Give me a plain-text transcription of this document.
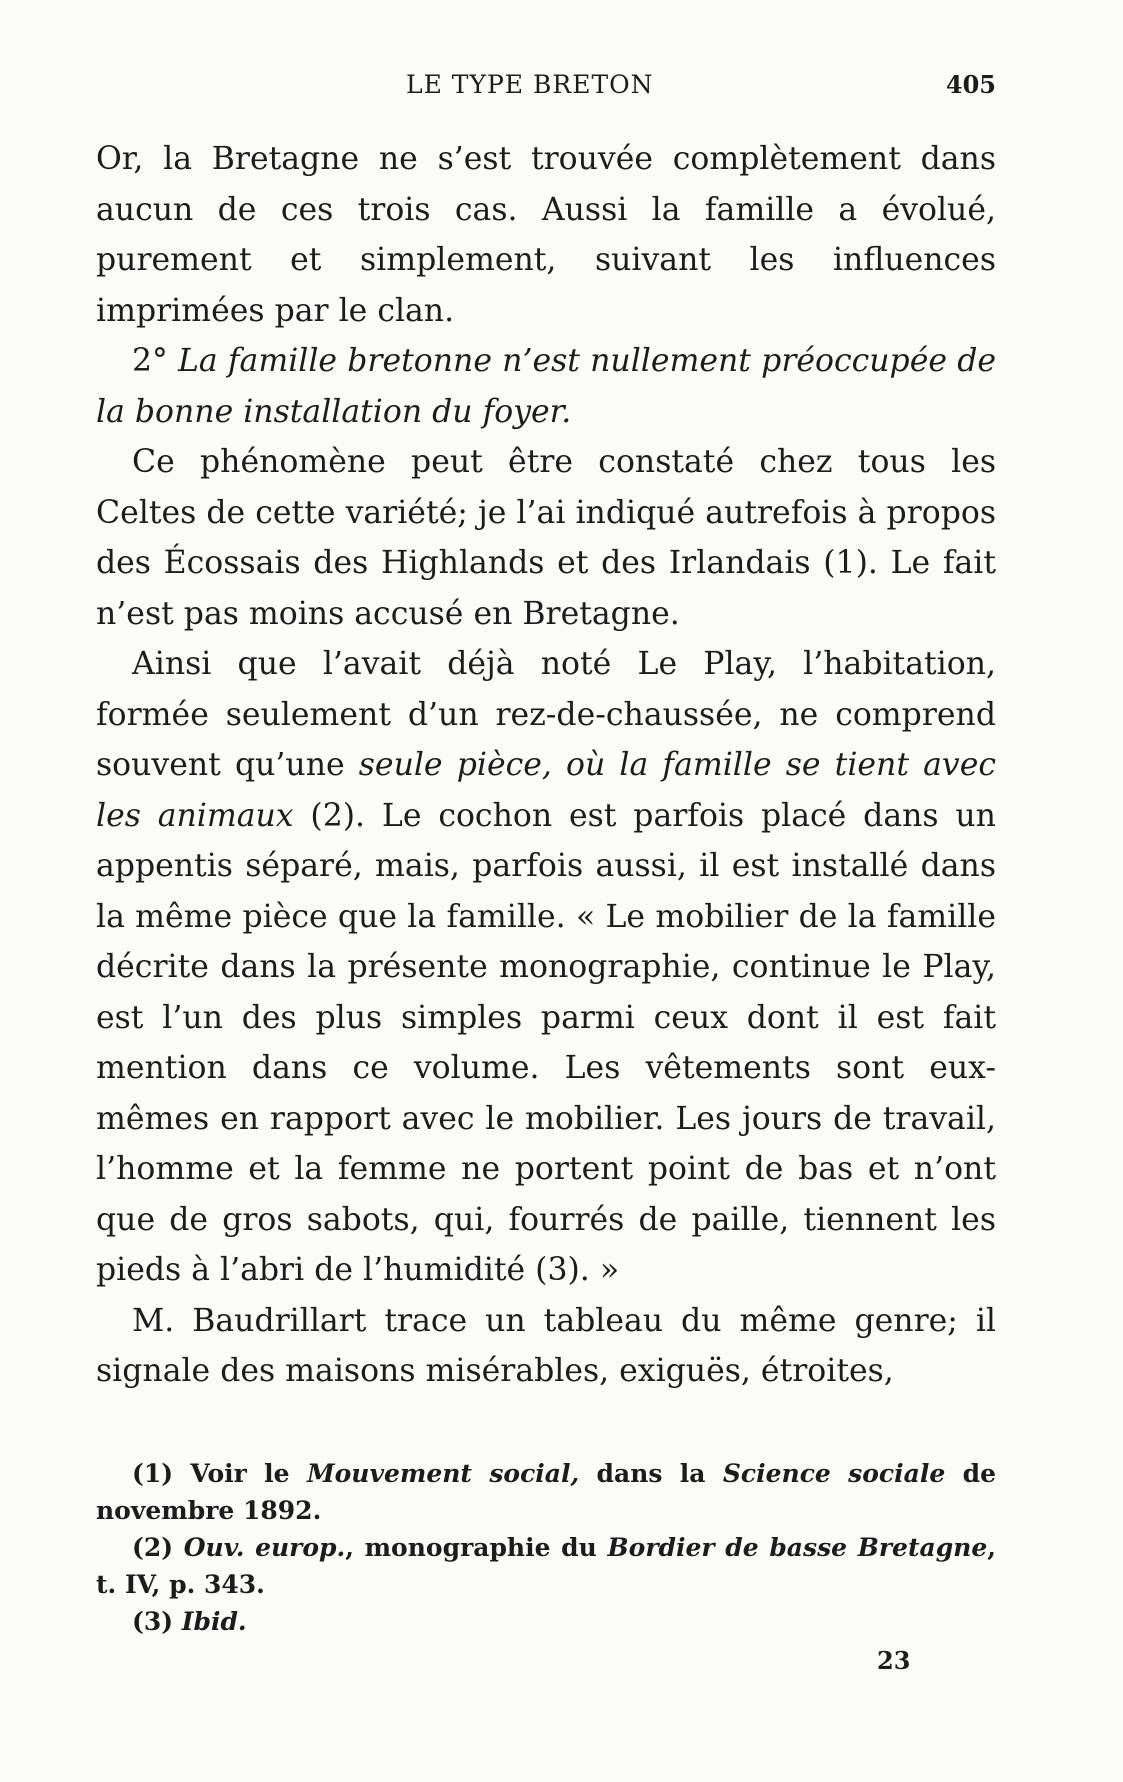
LE TYPE BRETON	405

Or, la Bretagne ne s’est trouvée complètement dans aucun de ces trois cas. Aussi la famille a évolué, purement et simplement, suivant les influences imprimées par le clan.

2° La famille bretonne n’est nullement préoccupée de la bonne installation du foyer.

Ce phénomène peut être constaté chez tous les Celtes de cette variété; je l’ai indiqué autrefois à propos des Écossais des Highlands et des Irlandais (1). Le fait n’est pas moins accusé en Bretagne.

Ainsi que l’avait déjà noté Le Play, l’habitation, formée seulement d’un rez-de-chaussée, ne comprend souvent qu’une seule pièce, où la famille se tient avec les animaux (2). Le cochon est parfois placé dans un appentis séparé, mais, parfois aussi, il est installé dans la même pièce que la famille. « Le mobilier de la famille décrite dans la présente monographie, continue le Play, est l’un des plus simples parmi ceux dont il est fait mention dans ce volume. Les vêtements sont eux-mêmes en rapport avec le mobilier. Les jours de travail, l’homme et la femme ne portent point de bas et n’ont que de gros sabots, qui, fourrés de paille, tiennent les pieds à l’abri de l’humidité (3). »

M. Baudrillart trace un tableau du même genre; il signale des maisons misérables, exiguës, étroites,

(1) Voir le Mouvement social, dans la Science sociale de novembre 1892.

(2) Ouv. europ., monographie du Bordier de basse Bretagne, t. IV, p. 343.

(3) Ibid.

23
